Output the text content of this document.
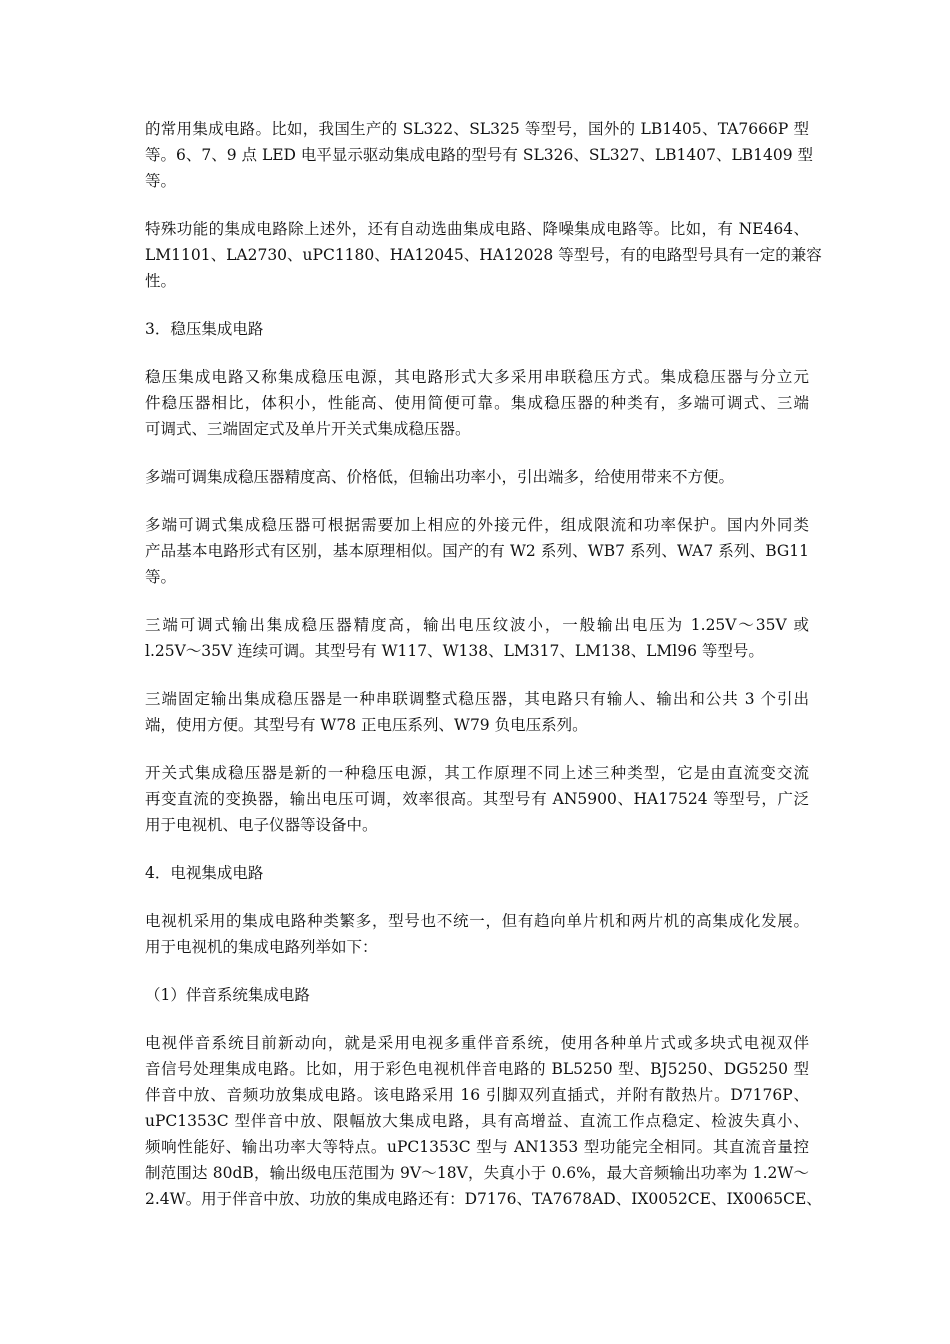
的常用集成电路。比如，我国生产的 SL322、SL325 等型号，国外的 LB1405、TA7666P 型
等。6、7、9 点 LED 电平显示驱动集成电路的型号有 SL326、SL327、LB1407、LB1409 型
等。
特殊功能的集成电路除上述外，还有自动选曲集成电路、降噪集成电路等。比如，有 NE464、
LM1101、LA2730、uPC1180、HA12045、HA12028 等型号，有的电路型号具有一定的兼容
性。
3．稳压集成电路
稳压集成电路又称集成稳压电源，其电路形式大多采用串联稳压方式。集成稳压器与分立元
件稳压器相比，体积小，性能高、使用简便可靠。集成稳压器的种类有，多端可调式、三端
可调式、三端固定式及单片开关式集成稳压器。
多端可调集成稳压器精度高、价格低，但输出功率小，引出端多，给使用带来不方便。
多端可调式集成稳压器可根据需要加上相应的外接元件，组成限流和功率保护。国内外同类
产品基本电路形式有区别，基本原理相似。国产的有 W2 系列、WB7 系列、WA7 系列、BG11
等。
三端可调式输出集成稳压器精度高，输出电压纹波小，一般输出电压为 1.25V～35V 或
l.25V～35V 连续可调。其型号有 W117、W138、LM317、LM138、LMl96 等型号。
三端固定输出集成稳压器是一种串联调整式稳压器，其电路只有输人、输出和公共 3 个引出
端，使用方便。其型号有 W78 正电压系列、W79 负电压系列。
开关式集成稳压器是新的一种稳压电源，其工作原理不同上述三种类型，它是由直流变交流
再变直流的变换器，输出电压可调，效率很高。其型号有 AN5900、HA17524 等型号，广泛
用于电视机、电子仪器等设备中。
4．电视集成电路
电视机采用的集成电路种类繁多，型号也不统一，但有趋向单片机和两片机的高集成化发展。
用于电视机的集成电路列举如下：
（1）伴音系统集成电路
电视伴音系统目前新动向，就是采用电视多重伴音系统，使用各种单片式或多块式电视双伴
音信号处理集成电路。比如，用于彩色电视机伴音电路的 BL5250 型、BJ5250、DG5250 型
伴音中放、音频功放集成电路。该电路采用 16 引脚双列直插式，并附有散热片。D7176P、
uPC1353C 型伴音中放、限幅放大集成电路，具有高增益、直流工作点稳定、检波失真小、
频响性能好、输出功率大等特点。uPC1353C 型与 AN1353 型功能完全相同。其直流音量控
制范围达 80dB，输出级电压范围为 9V～18V，失真小于 0.6%，最大音频输出功率为 1.2W～
2.4W。用于伴音中放、功放的集成电路还有：D7176、TA7678AD、IX0052CE、IX0065CE、
